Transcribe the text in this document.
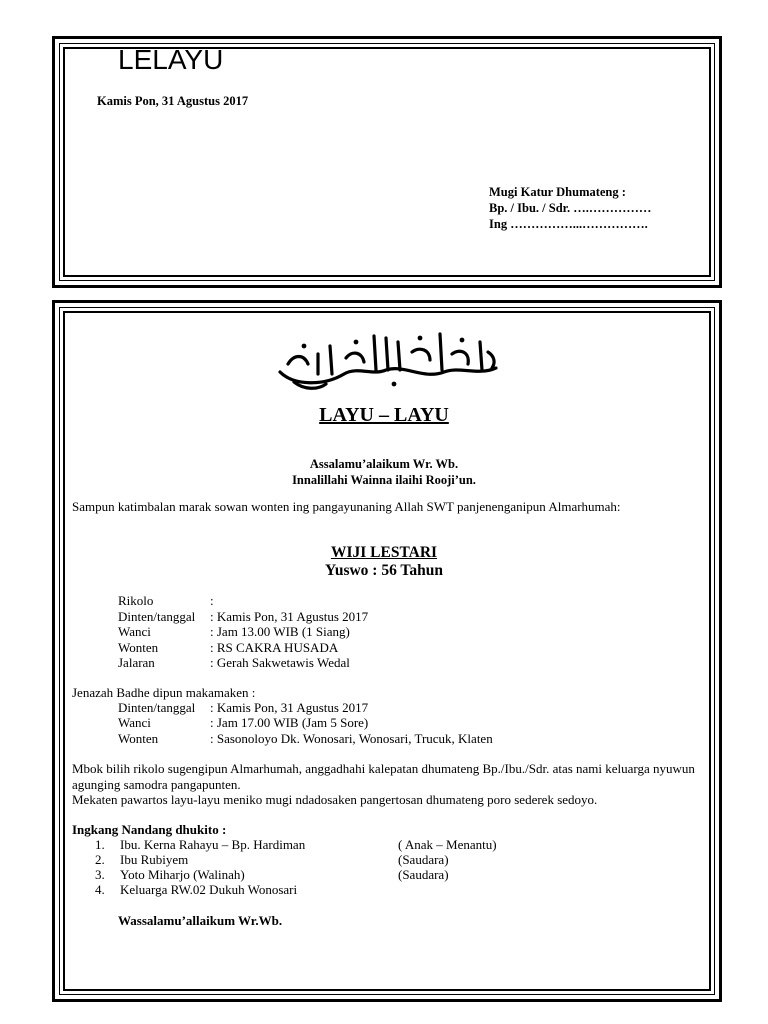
LELAYU
Kamis Pon, 31 Agustus 2017
Mugi Katur Dhumateng :
Bp. / Ibu. / Sdr. ….……………
Ing ……………...…………….
LAYU – LAYU
Assalamu’alaikum Wr. Wb.
Innalillahi Wainna ilaihi Rooji’un.
Sampun katimbalan marak sowan wonten ing pangayunaning Allah SWT panjenenganipun Almarhumah:
WIJI LESTARI
Yuswo : 56 Tahun
Rikolo	:
Dinten/tanggal : Kamis Pon, 31 Agustus 2017
Wanci	: Jam 13.00 WIB (1 Siang)
Wonten	: RS CAKRA HUSADA
Jalaran	: Gerah Sakwetawis Wedal
Jenazah Badhe dipun makamaken :
Dinten/tanggal : Kamis Pon, 31 Agustus 2017
Wanci	: Jam 17.00 WIB (Jam 5 Sore)
Wonten	: Sasonoloyo Dk. Wonosari, Wonosari, Trucuk, Klaten
Mbok bilih rikolo sugengipun Almarhumah, anggadhahi kalepatan dhumateng Bp./Ibu./Sdr. atas nami keluarga nyuwun agunging samodra pangapunten.
Mekaten pawartos layu-layu meniko mugi ndadosaken pangertosan dhumateng poro sederek sedoyo.
Ingkang Nandang dhukito :
1. Ibu. Kerna Rahayu – Bp. Hardiman	( Anak – Menantu)
2. Ibu Rubiyem	(Saudara)
3. Yoto Miharjo (Walinah)	(Saudara)
4. Keluarga RW.02 Dukuh Wonosari
Wassalamu’allaikum Wr.Wb.
